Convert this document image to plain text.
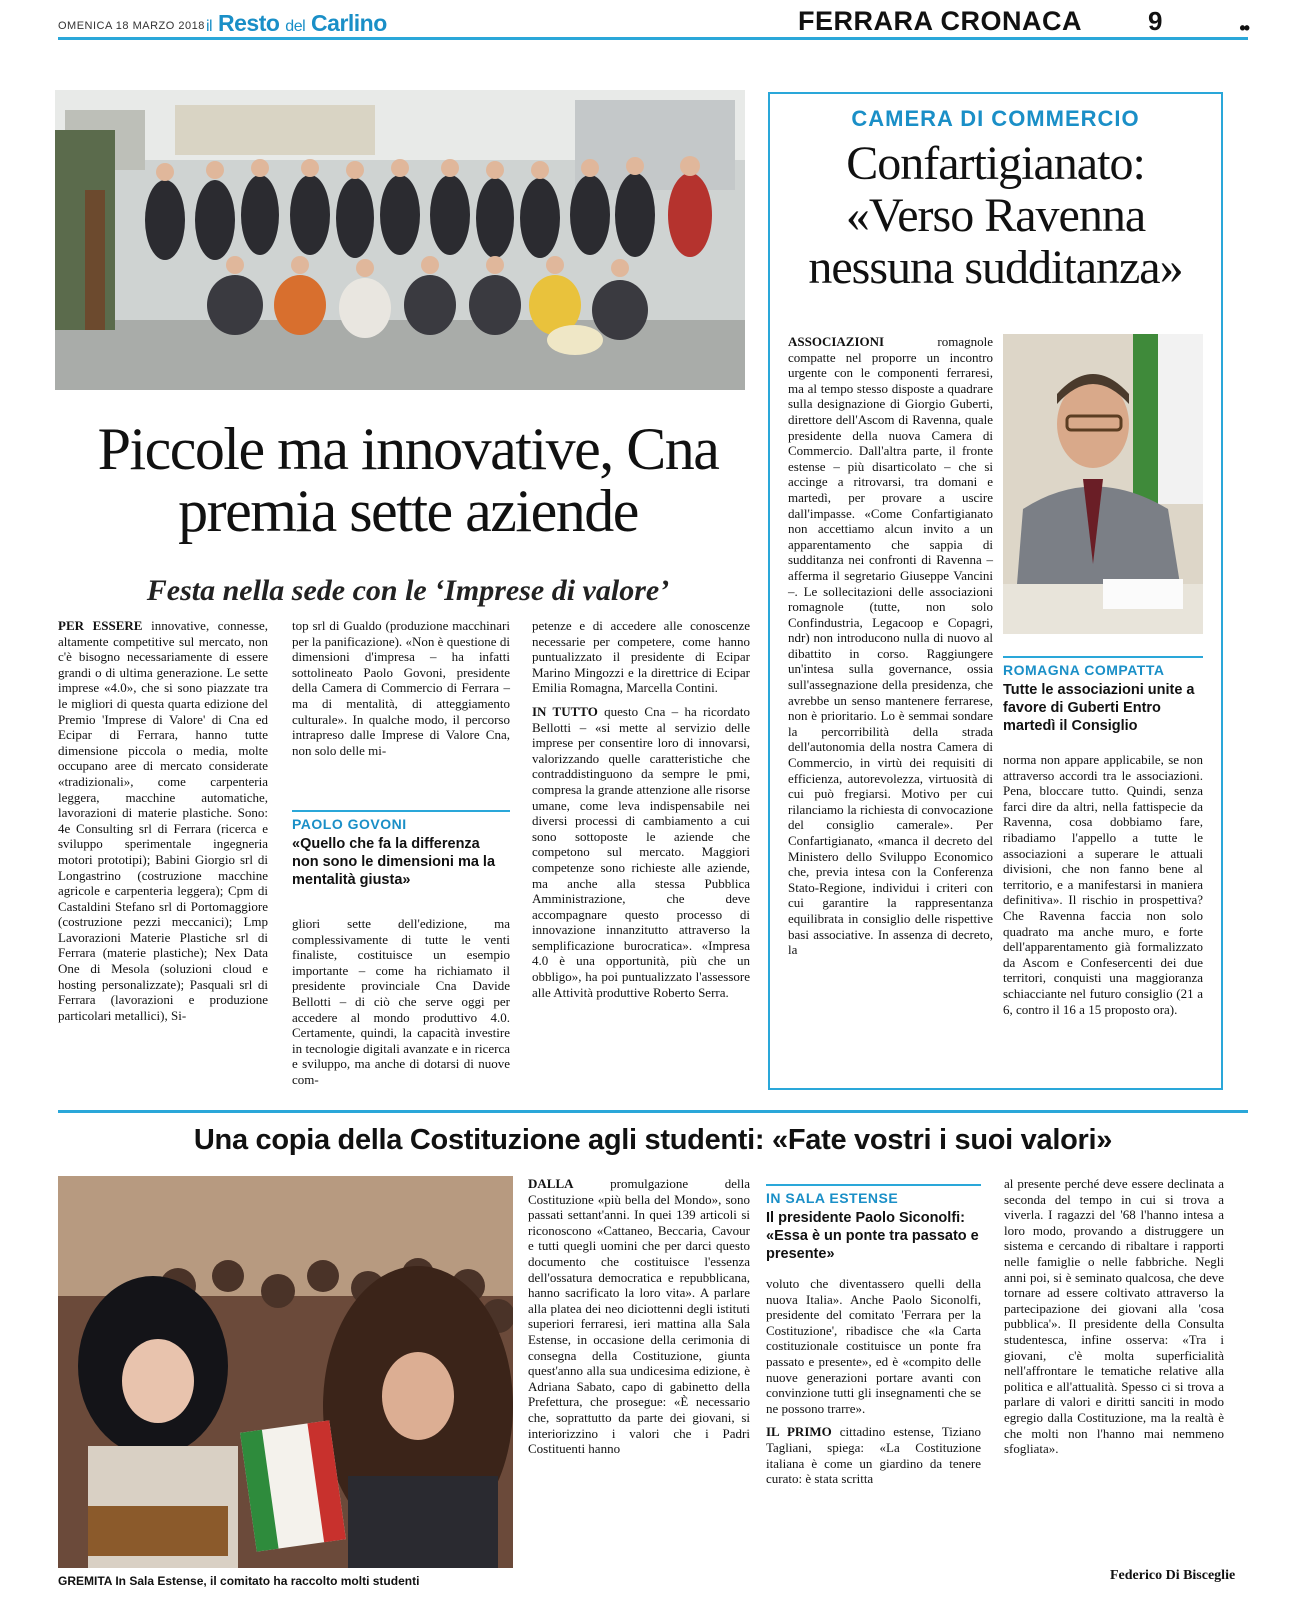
OMENICA 18 MARZO 2018 il Resto del Carlino	FERRARA CRONACA	9	••
Piccole ma innovative, Cna premia sette aziende
Festa nella sede con le ‘Imprese di valore’
PER ESSERE innovative, connesse, altamente competitive sul mercato, non c'è bisogno necessariamente di essere grandi o di ultima generazione. Le sette imprese «4.0», che si sono piazzate tra le migliori di questa quarta edizione del Premio 'Imprese di Valore' di Cna ed Ecipar di Ferrara, hanno tutte dimensione piccola o media, molte occupano aree di mercato considerate «tradizionali», come carpenteria leggera, macchine automatiche, lavorazioni di materie plastiche. Sono: 4e Consulting srl di Ferrara (ricerca e sviluppo sperimentale ingegneria motori prototipi); Babini Giorgio srl di Longastrino (costruzione macchine agricole e carpenteria leggera); Cpm di Castaldini Stefano srl di Portomaggiore (costruzione pezzi meccanici); Lmp Lavorazioni Materie Plastiche srl di Ferrara (materie plastiche); Nex Data One di Mesola (soluzioni cloud e hosting personalizzate); Pasquali srl di Ferrara (lavorazioni e produzione particolari metallici), Si-
top srl di Gualdo (produzione macchinari per la panificazione). «Non è questione di dimensioni d'impresa – ha infatti sottolineato Paolo Govoni, presidente della Camera di Commercio di Ferrara – ma di mentalità, di atteggiamento culturale». In qualche modo, il percorso intrapreso dalle Imprese di Valore Cna, non solo delle mi-
PAOLO GOVONI
«Quello che fa la differenza non sono le dimensioni ma la mentalità giusta»
gliori sette dell'edizione, ma complessivamente di tutte le venti finaliste, costituisce un esempio importante – come ha richiamato il presidente provinciale Cna Davide Bellotti – di ciò che serve oggi per accedere al mondo produttivo 4.0. Certamente, quindi, la capacità investire in tecnologie digitali avanzate e in ricerca e sviluppo, ma anche di dotarsi di nuove com-
petenze e di accedere alle conoscenze necessarie per competere, come hanno puntualizzato il presidente di Ecipar Marino Mingozzi e la direttrice di Ecipar Emilia Romagna, Marcella Contini.
IN TUTTO questo Cna – ha ricordato Bellotti – «si mette al servizio delle imprese per consentire loro di innovarsi, valorizzando quelle caratteristiche che contraddistinguono da sempre le pmi, compresa la grande attenzione alle risorse umane, come leva indispensabile nei diversi processi di cambiamento a cui sono sottoposte le aziende che competono sul mercato. Maggiori competenze sono richieste alle aziende, ma anche alla stessa Pubblica Amministrazione, che deve accompagnare questo processo di innovazione innanzitutto attraverso la semplificazione burocratica». «Impresa 4.0 è una opportunità, più che un obbligo», ha poi puntualizzato l'assessore alle Attività produttive Roberto Serra.
CAMERA DI COMMERCIO
Confartigianato:
«Verso Ravenna
nessuna sudditanza»
ASSOCIAZIONI	romagnole compatte nel proporre un incontro urgente con le componenti ferraresi, ma al tempo stesso disposte a quadrare sulla designazione di Giorgio Guberti, direttore dell'Ascom di Ravenna, quale presidente della nuova Camera di Commercio. Dall'altra parte, il fronte estense – più disarticolato – che si accinge a ritrovarsi, tra domani e martedì, per provare a uscire dall'impasse. «Come Confartigianato non accettiamo alcun invito a un apparentamento che sappia di sudditanza nei confronti di Ravenna – afferma il segretario Giuseppe Vancini –. Le sollecitazioni delle associazioni romagnole (tutte, non solo Confindustria, Legacoop e Copagri, ndr) non introducono nulla di nuovo al dibattito in corso. Raggiungere un'intesa sulla governance, ossia sull'assegnazione della presidenza, che avrebbe un senso mantenere ferrarese, non è prioritario. Lo è semmai sondare la percorribilità della strada dell'autonomia della nostra Camera di Commercio, in virtù dei requisiti di efficienza, autorevolezza, virtuosità di cui può fregiarsi. Motivo per cui rilanciamo la richiesta di convocazione del consiglio camerale». Per Confartigianato, «manca il decreto del Ministero dello Sviluppo Economico che, previa intesa con la Conferenza Stato-Regione, individui i criteri con cui garantire la rappresentanza equilibrata in consiglio delle rispettive basi associative. In assenza di decreto, la
ROMAGNA COMPATTA
Tutte le associazioni unite a favore di Guberti Entro martedì il Consiglio
norma non appare applicabile, se non attraverso accordi tra le associazioni. Pena, bloccare tutto. Quindi, senza farci dire da altri, nella fattispecie da Ravenna, cosa dobbiamo fare, ribadiamo l'appello a tutte le associazioni a superare le attuali divisioni, che non fanno bene al territorio, e a manifestarsi in maniera definitiva». Il rischio in prospettiva? Che Ravenna faccia non solo quadrato ma anche muro, e forte dell'apparentamento già formalizzato da Ascom e Confesercenti dei due territori, conquisti una maggioranza schiacciante nel futuro consiglio (21 a 6, contro il 16 a 15 proposto ora).
Una copia della Costituzione agli studenti: «Fate vostri i suoi valori»
DALLA	promulgazione della Costituzione «più bella del Mondo», sono passati settant'anni. In quei 139 articoli si riconoscono «Cattaneo, Beccaria, Cavour e tutti quegli uomini che per darci questo documento che costituisce l'essenza dell'ossatura democratica e repubblicana, hanno sacrificato la loro vita». A parlare alla platea dei neo diciottenni degli istituti superiori ferraresi, ieri mattina alla Sala Estense, in occasione della cerimonia di consegna della Costituzione, giunta quest'anno alla sua undicesima edizione, è Adriana Sabato, capo di gabinetto della Prefettura, che prosegue: «È necessario che, soprattutto da parte dei giovani, si interiorizzino i valori che i Padri Costituenti hanno
IN SALA ESTENSE
Il presidente Paolo Siconolfi: «Essa è un ponte tra passato e presente»
voluto che diventassero quelli della nuova Italia». Anche Paolo Siconolfi, presidente del comitato 'Ferrara per la Costituzione', ribadisce che «la Carta costituzionale costituisce un ponte fra passato e presente», ed è «compito delle nuove generazioni portare avanti con convinzione tutti gli insegnamenti che se ne possono trarre».
IL PRIMO cittadino estense, Tiziano Tagliani, spiega: «La Costituzione italiana è come un giardino da tenere curato: è stata scritta
al presente perché deve essere declinata a seconda del tempo in cui si trova a viverla. I ragazzi del '68 l'hanno intesa a loro modo, provando a distruggere un sistema e cercando di ribaltare i rapporti nelle famiglie o nelle fabbriche. Negli anni poi, si è seminato qualcosa, che deve tornare ad essere coltivato attraverso la partecipazione dei giovani alla 'cosa pubblica'». Il presidente della Consulta studentesca, infine osserva: «Tra i giovani, c'è molta superficialità nell'affrontare le tematiche relative alla politica e all'attualità. Spesso ci si trova a parlare di valori e diritti sanciti in modo egregio dalla Costituzione, ma la realtà è che molti non l'hanno mai nemmeno sfogliata».
Federico Di Bisceglie
GREMITA In Sala Estense, il comitato ha raccolto molti studenti
